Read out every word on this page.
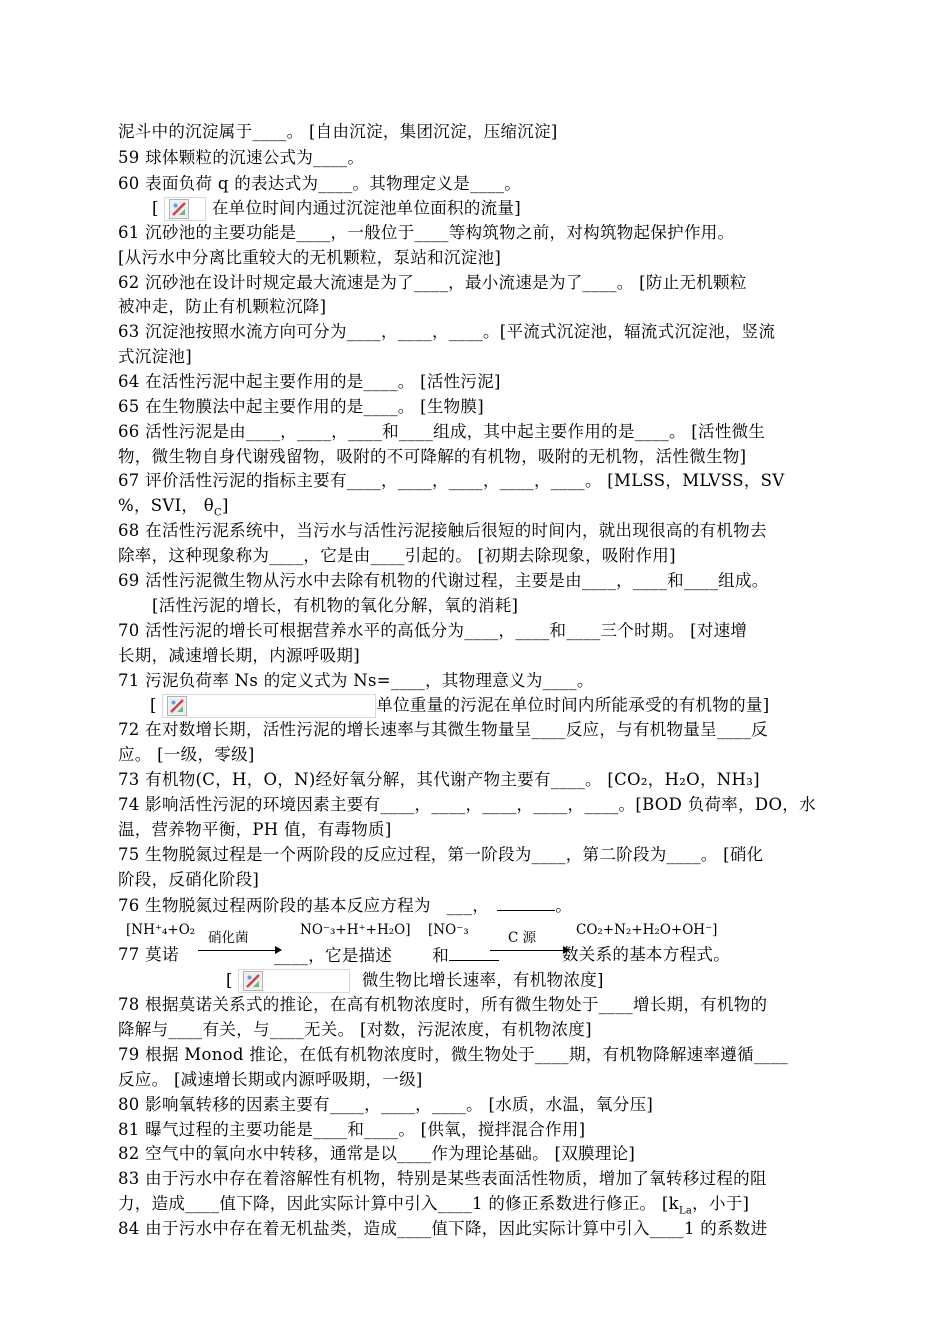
泥斗中的沉淀属于____。 [自由沉淀，集团沉淀，压缩沉淀]
59 球体颗粒的沉速公式为____。
60 表面负荷 q 的表达式为____。其物理定义是____。
[	在单位时间内通过沉淀池单位面积的流量]
61 沉砂池的主要功能是____，一般位于____等构筑物之前，对构筑物起保护作用。
[从污水中分离比重较大的无机颗粒，泵站和沉淀池]
62 沉砂池在设计时规定最大流速是为了____，最小流速是为了____。 [防止无机颗粒
被冲走，防止有机颗粒沉降]
63 沉淀池按照水流方向可分为____，____，____。[平流式沉淀池，辐流式沉淀池，竖流
式沉淀池]
64 在活性污泥中起主要作用的是____。 [活性污泥]
65 在生物膜法中起主要作用的是____。 [生物膜]
66 活性污泥是由____，____，____和____组成，其中起主要作用的是____。 [活性微生
物，微生物自身代谢残留物，吸附的不可降解的有机物，吸附的无机物，活性微生物]
67 评价活性污泥的指标主要有____，____，____，____，____。 [MLSS，MLVSS，SV
%，SVI， $\theta_C$]
68 在活性污泥系统中，当污水与活性污泥接触后很短的时间内，就出现很高的有机物去
除率，这种现象称为____，它是由____引起的。 [初期去除现象，吸附作用]
69 活性污泥微生物从污水中去除有机物的代谢过程，主要是由____，____和____组成。
[活性污泥的增长，有机物的氧化分解，氧的消耗]
70 活性污泥的增长可根据营养水平的高低分为____，____和____三个时期。 [对速增
长期，减速增长期，内源呼吸期]
71 污泥负荷率 Ns 的定义式为 Ns=____，其物理意义为____。
[	单位重量的污泥在单位时间内所能承受的有机物的量]
72 在对数增长期，活性污泥的增长速率与其微生物量呈____反应，与有机物量呈____反
应。 [一级，零级]
73 有机物(C，H，O，N)经好氧分解，其代谢产物主要有____。 [CO₂，H₂O，NH₃]
74 影响活性污泥的环境因素主要有____，____，____，____，____。[BOD 负荷率，DO，水
温，营养物平衡，PH 值，有毒物质]
75 生物脱氮过程是一个两阶段的反应过程，第一阶段为____，第二阶段为____。 [硝化
阶段，反硝化阶段]
76 生物脱氮过程两阶段的基本反应方程为 ___，	。
[NH⁺₄+O₂ 硝化菌	NO⁻₃+H⁺+H₂O] [NO⁻₃	C 源	CO₂+N₂+H₂O+OH⁻]
77 莫诺	____，它是描述 和	数关系的基本方程式。
[	微生物比增长速率，有机物浓度]
78 根据莫诺关系式的推论，在高有机物浓度时，所有微生物处于____增长期，有机物的
降解与____有关，与____无关。 [对数，污泥浓度，有机物浓度]
79 根据 Monod 推论，在低有机物浓度时，微生物处于____期，有机物降解速率遵循____
反应。 [减速增长期或内源呼吸期，一级]
80 影响氧转移的因素主要有____，____，____。 [水质，水温，氧分压]
81 曝气过程的主要功能是____和____。 [供氧，搅拌混合作用]
82 空气中的氧向水中转移，通常是以____作为理论基础。 [双膜理论]
83 由于污水中存在着溶解性有机物，特别是某些表面活性物质，增加了氧转移过程的阻
力，造成____值下降，因此实际计算中引入____1 的修正系数进行修正。 [$k_{La}$，小于]
84 由于污水中存在着无机盐类，造成____值下降，因此实际计算中引入____1 的系数进
